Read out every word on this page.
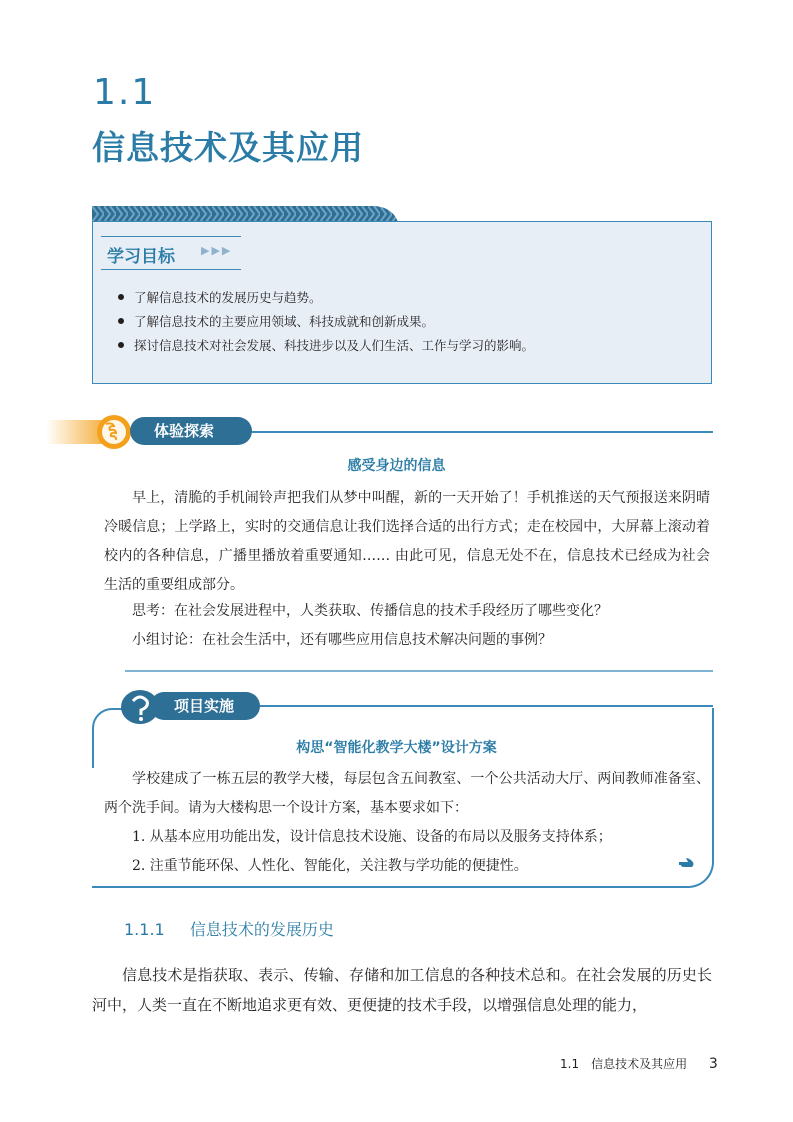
1.1
信息技术及其应用
学习目标 ▶▶▶
了解信息技术的发展历史与趋势。
了解信息技术的主要应用领域、科技成就和创新成果。
探讨信息技术对社会发展、科技进步以及人们生活、工作与学习的影响。
体验探索
感受身边的信息

早上，清脆的手机闹铃声把我们从梦中叫醒，新的一天开始了！手机推送的天气预报送来阴晴冷暖信息；上学路上，实时的交通信息让我们选择合适的出行方式；走在校园中，大屏幕上滚动着校内的各种信息，广播里播放着重要通知…… 由此可见，信息无处不在，信息技术已经成为社会生活的重要组成部分。

思考：在社会发展进程中，人类获取、传播信息的技术手段经历了哪些变化？

小组讨论：在社会生活中，还有哪些应用信息技术解决问题的事例？

项目实施
构思“智能化教学大楼”设计方案

学校建成了一栋五层的教学大楼，每层包含五间教室、一个公共活动大厅、两间教师准备室、两个洗手间。请为大楼构思一个设计方案，基本要求如下：

1. 从基本应用功能出发，设计信息技术设施、设备的布局以及服务支持体系；

2. 注重节能环保、人性化、智能化，关注教与学功能的便捷性。

1.1.1 信息技术的发展历史

信息技术是指获取、表示、传输、存储和加工信息的各种技术总和。在社会发展的历史长河中，人类一直在不断地追求更有效、更便捷的技术手段，以增强信息处理的能力，

1.1　信息技术及其应用 3
